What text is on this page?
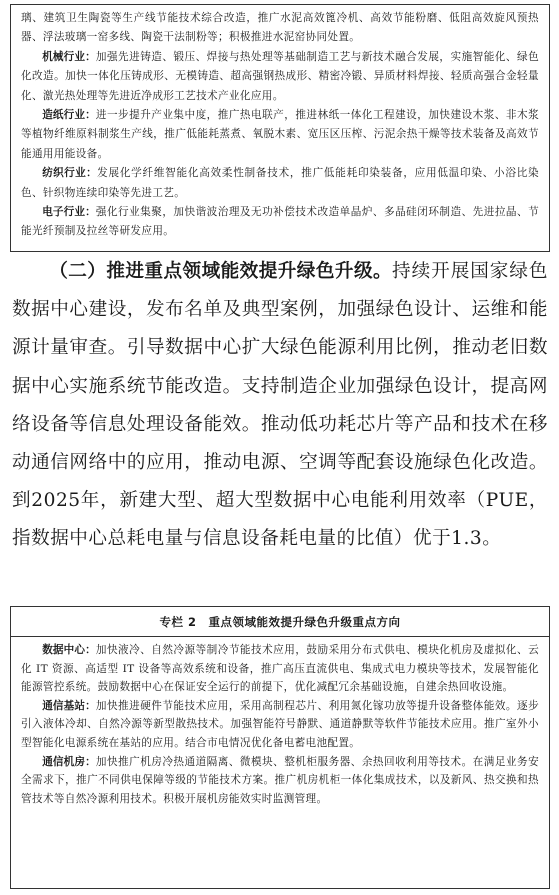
璃、建筑卫生陶瓷等生产线节能技术综合改造，推广水泥高效篦冷机、高效节能粉磨、低阻高效旋风预热器、浮法玻璃一窑多线、陶瓷干法制粉等；积极推进水泥窑协同处置。

机械行业：加强先进铸造、锻压、焊接与热处理等基础制造工艺与新技术融合发展，实施智能化、绿色化改造。加快一体化压铸成形、无模铸造、超高强钢热成形、精密冷锻、异质材料焊接、轻质高强合金轻量化、激光热处理等先进近净成形工艺技术产业化应用。

造纸行业：进一步提升产业集中度，推广热电联产，推进林纸一体化工程建设，加快建设木浆、非木浆等植物纤维原料制浆生产线，推广低能耗蒸煮、氧脱木素、宽压区压榨、污泥余热干燥等技术装备及高效节能通用用能设备。

纺织行业：发展化学纤维智能化高效柔性制备技术，推广低能耗印染装备，应用低温印染、小浴比染色、针织物连续印染等先进工艺。

电子行业：强化行业集聚，加快谐波治理及无功补偿技术改造单晶炉、多晶硅闭环制造、先进拉晶、节能光纤预制及拉丝等研发应用。

（二）推进重点领域能效提升绿色升级。持续开展国家绿色数据中心建设，发布名单及典型案例，加强绿色设计、运维和能源计量审查。引导数据中心扩大绿色能源利用比例，推动老旧数据中心实施系统节能改造。支持制造企业加强绿色设计，提高网络设备等信息处理设备能效。推动低功耗芯片等产品和技术在移动通信网络中的应用，推动电源、空调等配套设施绿色化改造。到2025年，新建大型、超大型数据中心电能利用效率（PUE，指数据中心总耗电量与信息设备耗电量的比值）优于1.3。

专栏 2　重点领域能效提升绿色升级重点方向

数据中心：加快液冷、自然冷源等制冷节能技术应用，鼓励采用分布式供电、模块化机房及虚拟化、云化 IT 资源、高适型 IT 设备等高效系统和设备，推广高压直流供电、集成式电力模块等技术，发展智能化能源管控系统。鼓励数据中心在保证安全运行的前提下，优化减配冗余基础设施，自建余热回收设施。

通信基站：加快推进硬件节能技术应用，采用高制程芯片、利用氮化镓功放等提升设备整体能效。逐步引入液体冷却、自然冷源等新型散热技术。加强智能符号静默、通道静默等软件节能技术应用。推广室外小型智能化电源系统在基站的应用。结合市电情况优化备电蓄电池配置。

通信机房：加快推广机房冷热通道隔离、微模块、整机柜服务器、余热回收利用等技术。在满足业务安全需求下，推广不同供电保障等级的节能技术方案。推广机房机柜一体化集成技术，以及新风、热交换和热管技术等自然冷源利用技术。积极开展机房能效实时监测管理。
